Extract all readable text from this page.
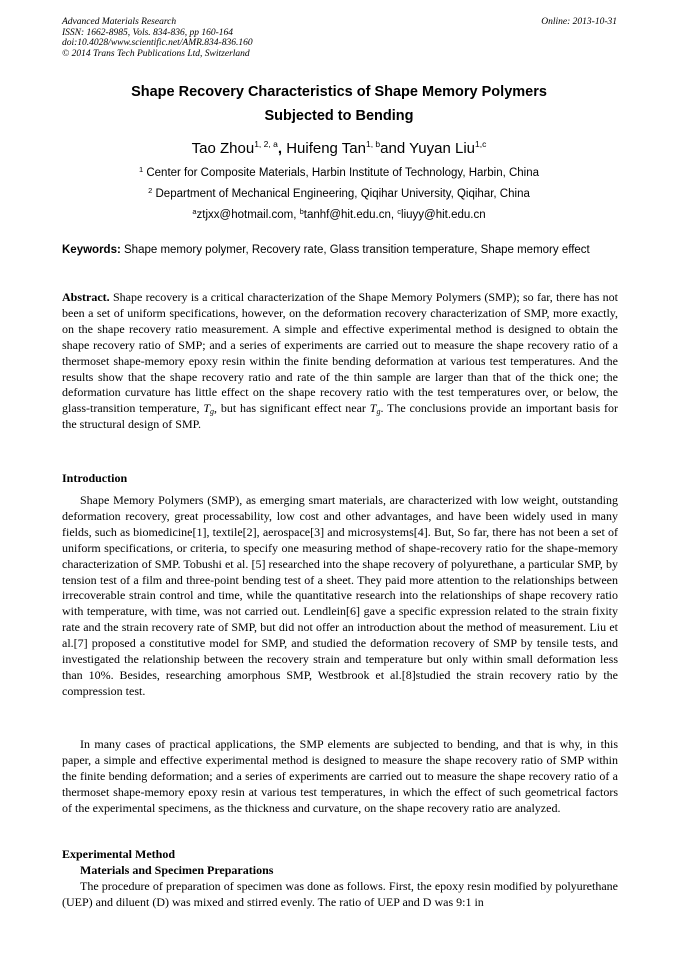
Advanced Materials Research
ISSN: 1662-8985, Vols. 834-836, pp 160-164
doi:10.4028/www.scientific.net/AMR.834-836.160
© 2014 Trans Tech Publications Ltd, Switzerland
Online: 2013-10-31
Shape Recovery Characteristics of Shape Memory Polymers
Subjected to Bending
Tao Zhou$^{1, 2, a}$, Huifeng Tan$^{1, b}$and Yuyan Liu$^{1,c}$
$^1$ Center for Composite Materials, Harbin Institute of Technology, Harbin, China
$^2$ Department of Mechanical Engineering, Qiqihar University, Qiqihar, China
$^a$ztjxx@hotmail.com, $^b$tanhf@hit.edu.cn, $^c$liuyy@hit.edu.cn
Keywords: Shape memory polymer, Recovery rate, Glass transition temperature, Shape memory effect
Abstract. Shape recovery is a critical characterization of the Shape Memory Polymers (SMP); so far, there has not been a set of uniform specifications, however, on the deformation recovery characterization of SMP, more exactly, on the shape recovery ratio measurement. A simple and effective experimental method is designed to obtain the shape recovery ratio of SMP; and a series of experiments are carried out to measure the shape recovery ratio of a thermoset shape-memory epoxy resin within the finite bending deformation at various test temperatures. And the results show that the shape recovery ratio and rate of the thin sample are larger than that of the thick one; the deformation curvature has little effect on the shape recovery ratio with the test temperatures over, or below, the glass-transition temperature, $T_g$, but has significant effect near $T_g$. The conclusions provide an important basis for the structural design of SMP.
Introduction
Shape Memory Polymers (SMP), as emerging smart materials, are characterized with low weight, outstanding deformation recovery, great processability, low cost and other advantages, and have been widely used in many fields, such as biomedicine[1], textile[2], aerospace[3] and microsystems[4]. But, So far, there has not been a set of uniform specifications, or criteria, to specify one measuring method of shape-recovery ratio for the shape-memory characterization of SMP. Tobushi et al. [5] researched into the shape recovery of polyurethane, a particular SMP, by tension test of a film and three-point bending test of a sheet. They paid more attention to the relationships between irrecoverable strain control and time, while the quantitative research into the relationships of shape recovery ratio with temperature, with time, was not carried out. Lendlein[6] gave a specific expression related to the strain fixity rate and the strain recovery rate of SMP, but did not offer an introduction about the method of measurement. Liu et al.[7] proposed a constitutive model for SMP, and studied the deformation recovery of SMP by tensile tests, and investigated the relationship between the recovery strain and temperature but only within small deformation less than 10%. Besides, researching amorphous SMP, Westbrook et al.[8]studied the strain recovery ratio by the compression test.
In many cases of practical applications, the SMP elements are subjected to bending, and that is why, in this paper, a simple and effective experimental method is designed to measure the shape recovery ratio of SMP within the finite bending deformation; and a series of experiments are carried out to measure the shape recovery ratio of a thermoset shape-memory epoxy resin at various test temperatures, in which the effect of such geometrical factors of the experimental specimens, as the thickness and curvature, on the shape recovery ratio are analyzed.
Experimental Method
Materials and Specimen Preparations
The procedure of preparation of specimen was done as follows. First, the epoxy resin modified by polyurethane (UEP) and diluent (D) was mixed and stirred evenly. The ratio of UEP and D was 9:1 in
